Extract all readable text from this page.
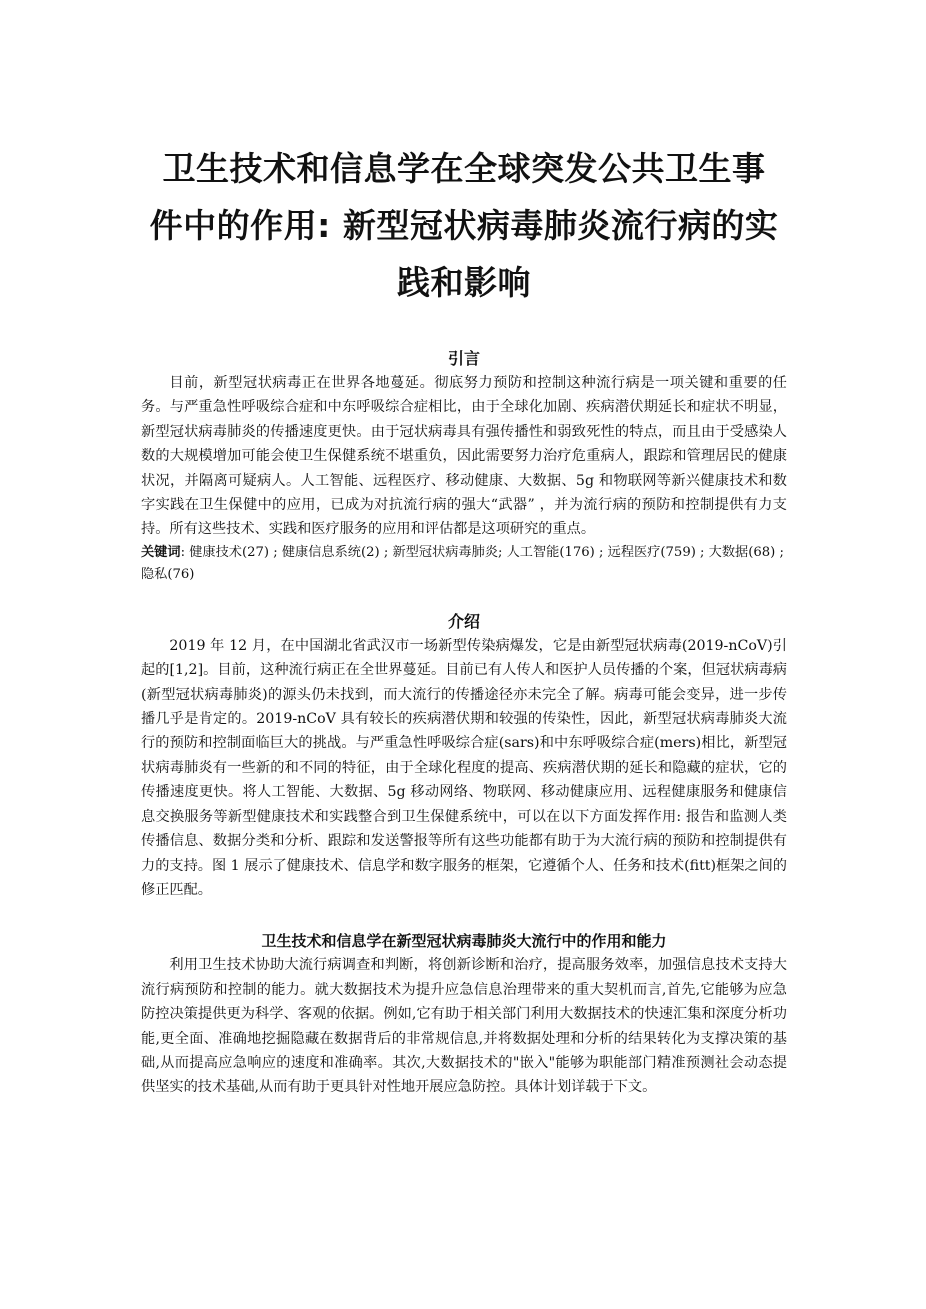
卫生技术和信息学在全球突发公共卫生事
件中的作用: 新型冠状病毒肺炎流行病的实
践和影响
引言

目前，新型冠状病毒正在世界各地蔓延。彻底努力预防和控制这种流行病是一项关键和重要的任务。与严重急性呼吸综合症和中东呼吸综合症相比，由于全球化加剧、疾病潜伏期延长和症状不明显，新型冠状病毒肺炎的传播速度更快。由于冠状病毒具有强传播性和弱致死性的特点，而且由于受感染人数的大规模增加可能会使卫生保健系统不堪重负，因此需要努力治疗危重病人，跟踪和管理居民的健康状况，并隔离可疑病人。人工智能、远程医疗、移动健康、大数据、5g 和物联网等新兴健康技术和数字实践在卫生保健中的应用，已成为对抗流行病的强大“武器” ，并为流行病的预防和控制提供有力支持。所有这些技术、实践和医疗服务的应用和评估都是这项研究的重点。

关键词: 健康技术(27) ; 健康信息系统(2) ; 新型冠状病毒肺炎; 人工智能(176) ; 远程医疗(759) ; 大数据(68) ; 隐私(76)

介绍

2019 年 12 月，在中国湖北省武汉市一场新型传染病爆发，它是由新型冠状病毒(2019-nCoV)引起的[1,2]。目前，这种流行病正在全世界蔓延。目前已有人传人和医护人员传播的个案，但冠状病毒病(新型冠状病毒肺炎)的源头仍未找到，而大流行的传播途径亦未完全了解。病毒可能会变异，进一步传播几乎是肯定的。2019-nCoV 具有较长的疾病潜伏期和较强的传染性，因此，新型冠状病毒肺炎大流行的预防和控制面临巨大的挑战。与严重急性呼吸综合症(sars)和中东呼吸综合症(mers)相比，新型冠状病毒肺炎有一些新的和不同的特征，由于全球化程度的提高、疾病潜伏期的延长和隐藏的症状，它的传播速度更快。将人工智能、大数据、5g 移动网络、物联网、移动健康应用、远程健康服务和健康信息交换服务等新型健康技术和实践整合到卫生保健系统中，可以在以下方面发挥作用: 报告和监测人类传播信息、数据分类和分析、跟踪和发送警报等所有这些功能都有助于为大流行病的预防和控制提供有力的支持。图 1 展示了健康技术、信息学和数字服务的框架，它遵循个人、任务和技术(fitt)框架之间的修正匹配。

卫生技术和信息学在新型冠状病毒肺炎大流行中的作用和能力

利用卫生技术协助大流行病调查和判断，将创新诊断和治疗，提高服务效率，加强信息技术支持大流行病预防和控制的能力。就大数据技术为提升应急信息治理带来的重大契机而言,首先,它能够为应急防控决策提供更为科学、客观的依据。例如,它有助于相关部门利用大数据技术的快速汇集和深度分析功能,更全面、准确地挖掘隐藏在数据背后的非常规信息,并将数据处理和分析的结果转化为支撑决策的基础,从而提高应急响应的速度和准确率。其次,大数据技术的"嵌入"能够为职能部门精准预测社会动态提供坚实的技术基础,从而有助于更具针对性地开展应急防控。具体计划详载于下文。
